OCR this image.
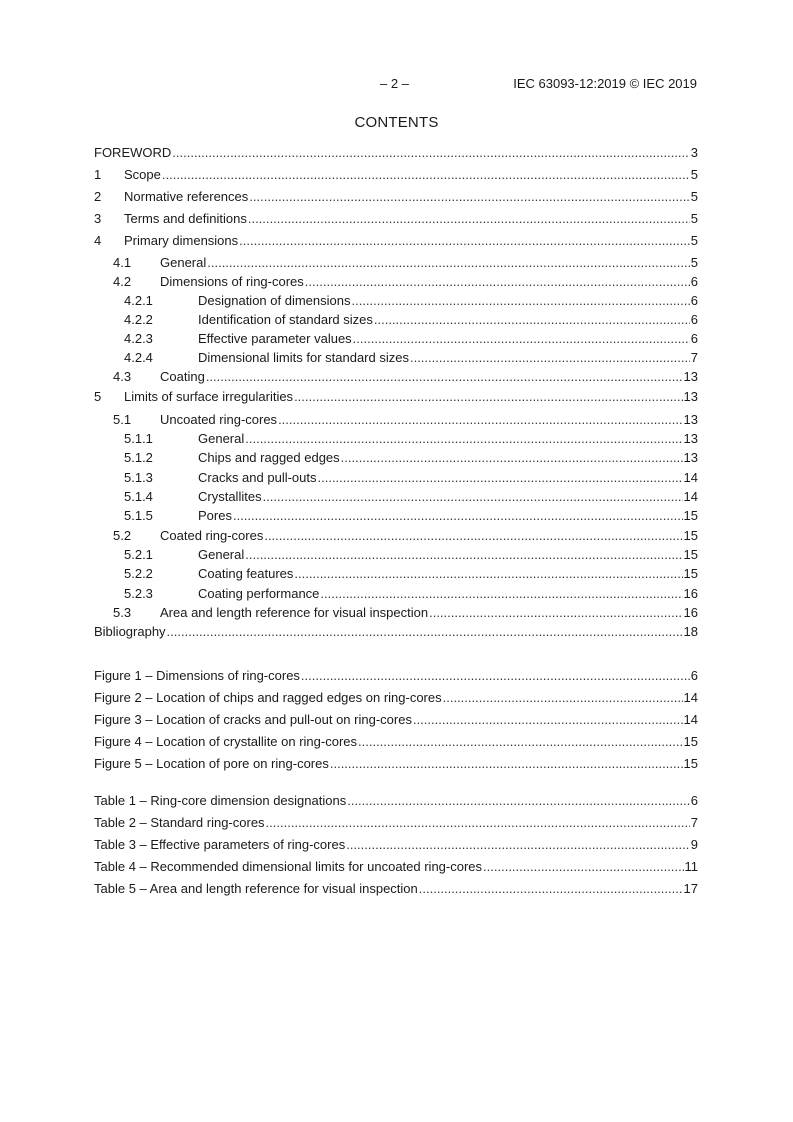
– 2 –	IEC 63093-12:2019 © IEC 2019
CONTENTS
FOREWORD .....	3
1	Scope .....	5
2	Normative references .....	5
3	Terms and definitions .....	5
4	Primary dimensions .....	5
4.1	General .....	5
4.2	Dimensions of ring-cores .....	6
4.2.1	Designation of dimensions .....	6
4.2.2	Identification of standard sizes .....	6
4.2.3	Effective parameter values .....	6
4.2.4	Dimensional limits for standard sizes .....	7
4.3	Coating .....	13
5	Limits of surface irregularities .....	13
5.1	Uncoated ring-cores .....	13
5.1.1	General .....	13
5.1.2	Chips and ragged edges .....	13
5.1.3	Cracks and pull-outs .....	14
5.1.4	Crystallites .....	14
5.1.5	Pores .....	15
5.2	Coated ring-cores .....	15
5.2.1	General .....	15
5.2.2	Coating features .....	15
5.2.3	Coating performance .....	16
5.3	Area and length reference for visual inspection .....	16
Bibliography .....	18
Figure 1 – Dimensions of ring-cores .....	6
Figure 2 – Location of chips and ragged edges on ring-cores .....	14
Figure 3 – Location of cracks and pull-out on ring-cores .....	14
Figure 4 – Location of crystallite on ring-cores .....	15
Figure 5 – Location of pore on ring-cores .....	15
Table 1 – Ring-core dimension designations .....	6
Table 2 – Standard ring-cores .....	7
Table 3 – Effective parameters of ring-cores .....	9
Table 4 – Recommended dimensional limits for uncoated ring-cores .....	11
Table 5 – Area and length reference for visual inspection .....	17
